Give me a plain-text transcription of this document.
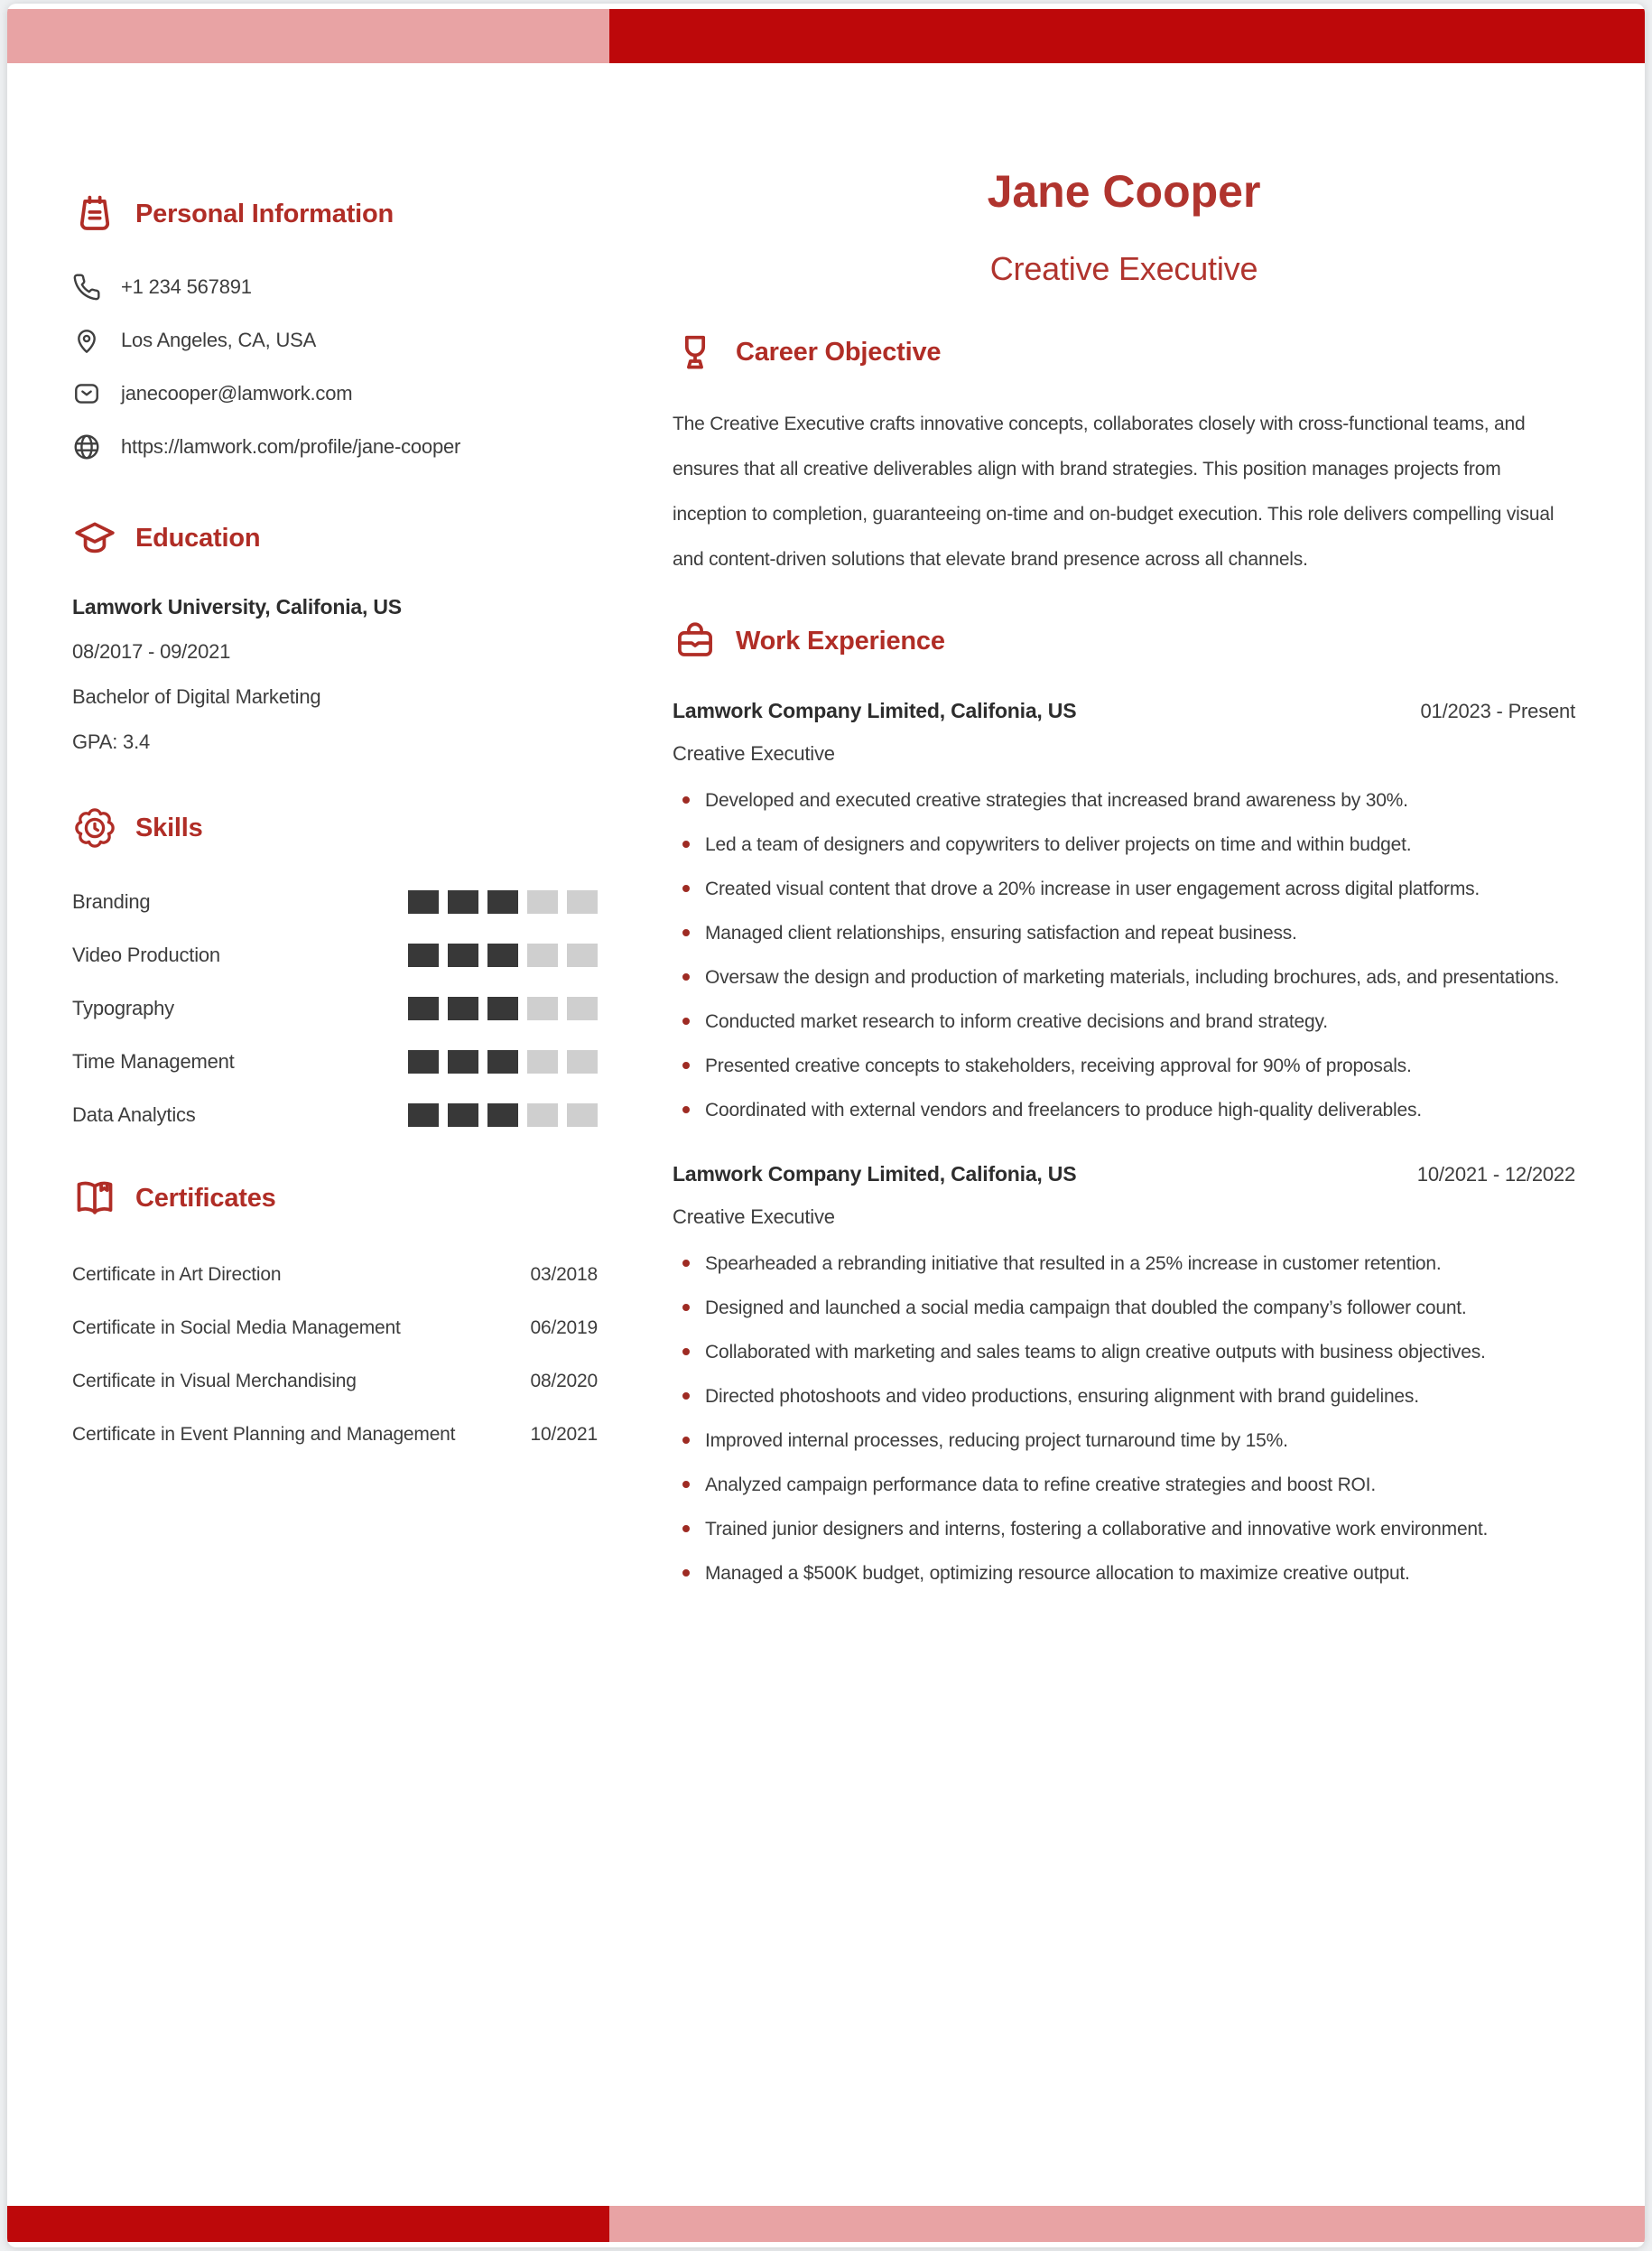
Personal Information
+1 234 567891
Los Angeles, CA, USA
janecooper@lamwork.com
https://lamwork.com/profile/jane-cooper
Education
Lamwork University, Califonia, US
08/2017 - 09/2021
Bachelor of Digital Marketing
GPA: 3.4
Skills
Branding
Video Production
Typography
Time Management
Data Analytics
Certificates
Certificate in Art Direction	03/2018
Certificate in Social Media Management	06/2019
Certificate in Visual Merchandising	08/2020
Certificate in Event Planning and Management	10/2021
Jane Cooper
Creative Executive
Career Objective

The Creative Executive crafts innovative concepts, collaborates closely with cross-functional teams, and ensures that all creative deliverables align with brand strategies. This position manages projects from inception to completion, guaranteeing on-time and on-budget execution. This role delivers compelling visual and content-driven solutions that elevate brand presence across all channels.

Work Experience
Lamwork Company Limited, Califonia, US	01/2023 - Present
Creative Executive
Developed and executed creative strategies that increased brand awareness by 30%.
Led a team of designers and copywriters to deliver projects on time and within budget.
Created visual content that drove a 20% increase in user engagement across digital platforms.
Managed client relationships, ensuring satisfaction and repeat business.
Oversaw the design and production of marketing materials, including brochures, ads, and presentations.
Conducted market research to inform creative decisions and brand strategy.
Presented creative concepts to stakeholders, receiving approval for 90% of proposals.
Coordinated with external vendors and freelancers to produce high-quality deliverables.
Lamwork Company Limited, Califonia, US	10/2021 - 12/2022
Creative Executive
Spearheaded a rebranding initiative that resulted in a 25% increase in customer retention.
Designed and launched a social media campaign that doubled the company’s follower count.
Collaborated with marketing and sales teams to align creative outputs with business objectives.
Directed photoshoots and video productions, ensuring alignment with brand guidelines.
Improved internal processes, reducing project turnaround time by 15%.
Analyzed campaign performance data to refine creative strategies and boost ROI.
Trained junior designers and interns, fostering a collaborative and innovative work environment.
Managed a $500K budget, optimizing resource allocation to maximize creative output.
